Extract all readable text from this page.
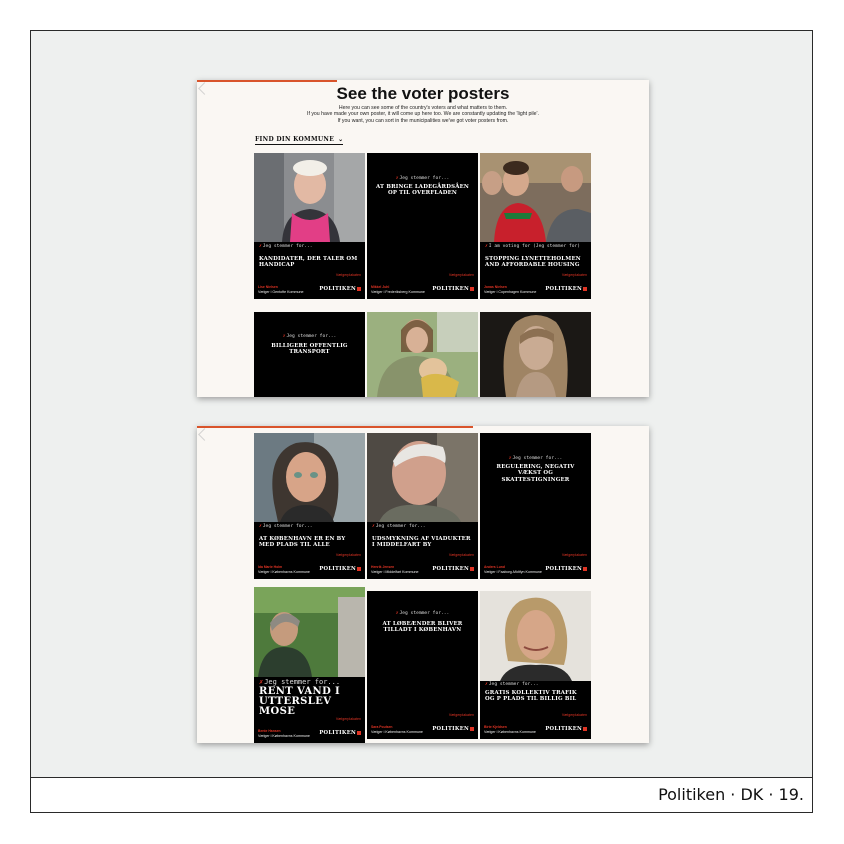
See the voter posters
Here you can see some of the country's voters and what matters to them.
If you have made your own poster, it will come up here too. We are constantly updating the 'light pile'.
If you want, you can sort in the municipalities we've got voter posters from.
FIND DIN KOMMUNE ⌄
✗Jeg stemmer for...
KANDIDATER, DER TALER OM HANDICAP
Lise Nielsen
Vælger i Gentofte Kommune
Vælgerplakaten
POLITIKEN
✗Jeg stemmer for...
AT BRINGE LADEGÅRDSÅEN OP TIL OVERFLADEN
Mikkel Juhl
Vælger i Frederiksberg Kommune
Vælgerplakaten
POLITIKEN
✗I am voting for (Jeg stemmer for)
STOPPING LYNETTEHOLMEN AND AFFORDABLE HOUSING
Jonas Nielsen
Vælger i Copenhagen Kommune
Vælgerplakaten
POLITIKEN
✗Jeg stemmer for...
BILLIGERE OFFENTLIG TRANSPORT
✗Jeg stemmer for...
AT KØBENHAVN ER EN BY MED PLADS TIL ALLE
Ida Marie Holm
Vælger i Københavns Kommune
Vælgerplakaten
POLITIKEN
✗Jeg stemmer for...
UDSMYKNING AF VIADUKTER I MIDDELFART BY
Henrik Jensen
Vælger i Middelfart Kommune
Vælgerplakaten
POLITIKEN
✗Jeg stemmer for...
REGULERING, NEGATIV VÆKST OG SKATTESTIGNINGER
Anders Lund
Vælger i Faaborg-Midtfyn Kommune
Vælgerplakaten
POLITIKEN
✗Jeg stemmer for...
RENT VAND I UTTERSLEV MOSE
Bente Hansen
Vælger i Københavns Kommune
Vælgerplakaten
POLITIKEN
✗Jeg stemmer for...
AT LØBEÆNDER BLIVER TILLADT I KØBENHAVN
Sara Poulsen
Vælger i Københavns Kommune
Vælgerplakaten
POLITIKEN
✗Jeg stemmer for...
GRATIS KOLLEKTIV TRAFIK OG P PLADS TIL BILLIG BIL
Birte Kjeldsen
Vælger i Københavns Kommune
Vælgerplakaten
POLITIKEN
Politiken · DK · 19.
